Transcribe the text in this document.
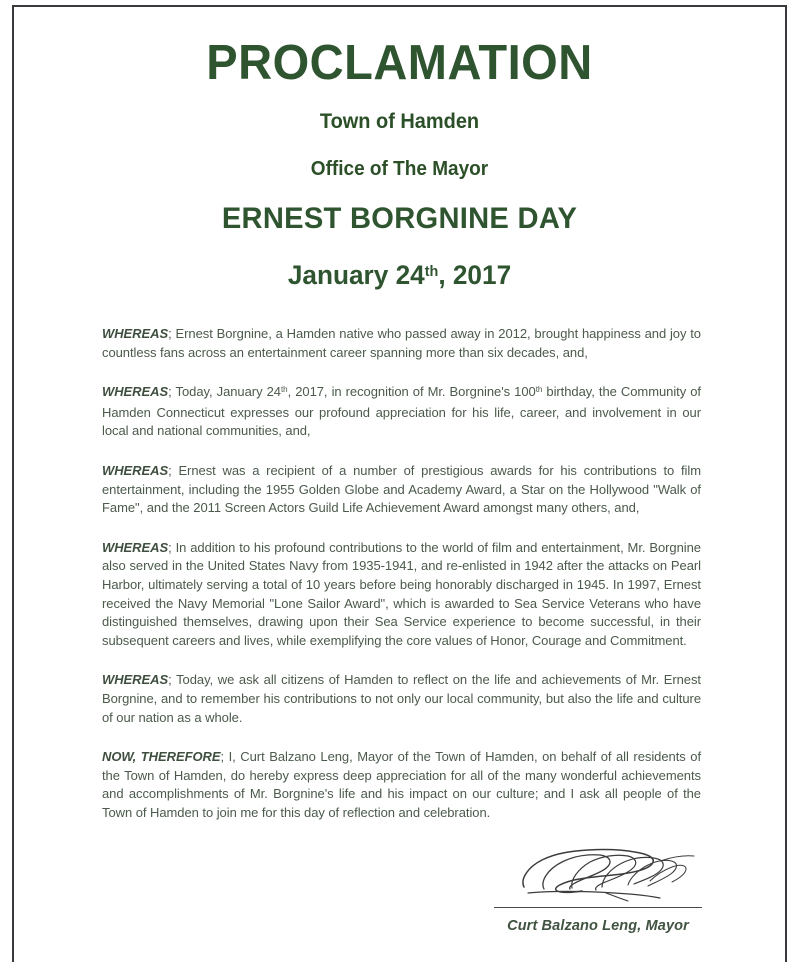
PROCLAMATION
Town of Hamden
Office of The Mayor
ERNEST BORGNINE DAY
January 24th, 2017

WHEREAS; Ernest Borgnine, a Hamden native who passed away in 2012, brought happiness and joy to countless fans across an entertainment career spanning more than six decades, and,

WHEREAS; Today, January 24th, 2017, in recognition of Mr. Borgnine's 100th birthday, the Community of Hamden Connecticut expresses our profound appreciation for his life, career, and involvement in our local and national communities, and,

WHEREAS; Ernest was a recipient of a number of prestigious awards for his contributions to film entertainment, including the 1955 Golden Globe and Academy Award, a Star on the Hollywood "Walk of Fame", and the 2011 Screen Actors Guild Life Achievement Award amongst many others, and,

WHEREAS; In addition to his profound contributions to the world of film and entertainment, Mr. Borgnine also served in the United States Navy from 1935-1941, and re-enlisted in 1942 after the attacks on Pearl Harbor, ultimately serving a total of 10 years before being honorably discharged in 1945. In 1997, Ernest received the Navy Memorial "Lone Sailor Award", which is awarded to Sea Service Veterans who have distinguished themselves, drawing upon their Sea Service experience to become successful, in their subsequent careers and lives, while exemplifying the core values of Honor, Courage and Commitment.

WHEREAS; Today, we ask all citizens of Hamden to reflect on the life and achievements of Mr. Ernest Borgnine, and to remember his contributions to not only our local community, but also the life and culture of our nation as a whole.

NOW, THEREFORE; I, Curt Balzano Leng, Mayor of the Town of Hamden, on behalf of all residents of the Town of Hamden, do hereby express deep appreciation for all of the many wonderful achievements and accomplishments of Mr. Borgnine's life and his impact on our culture; and I ask all people of the Town of Hamden to join me for this day of reflection and celebration.

Curt Balzano Leng, Mayor
